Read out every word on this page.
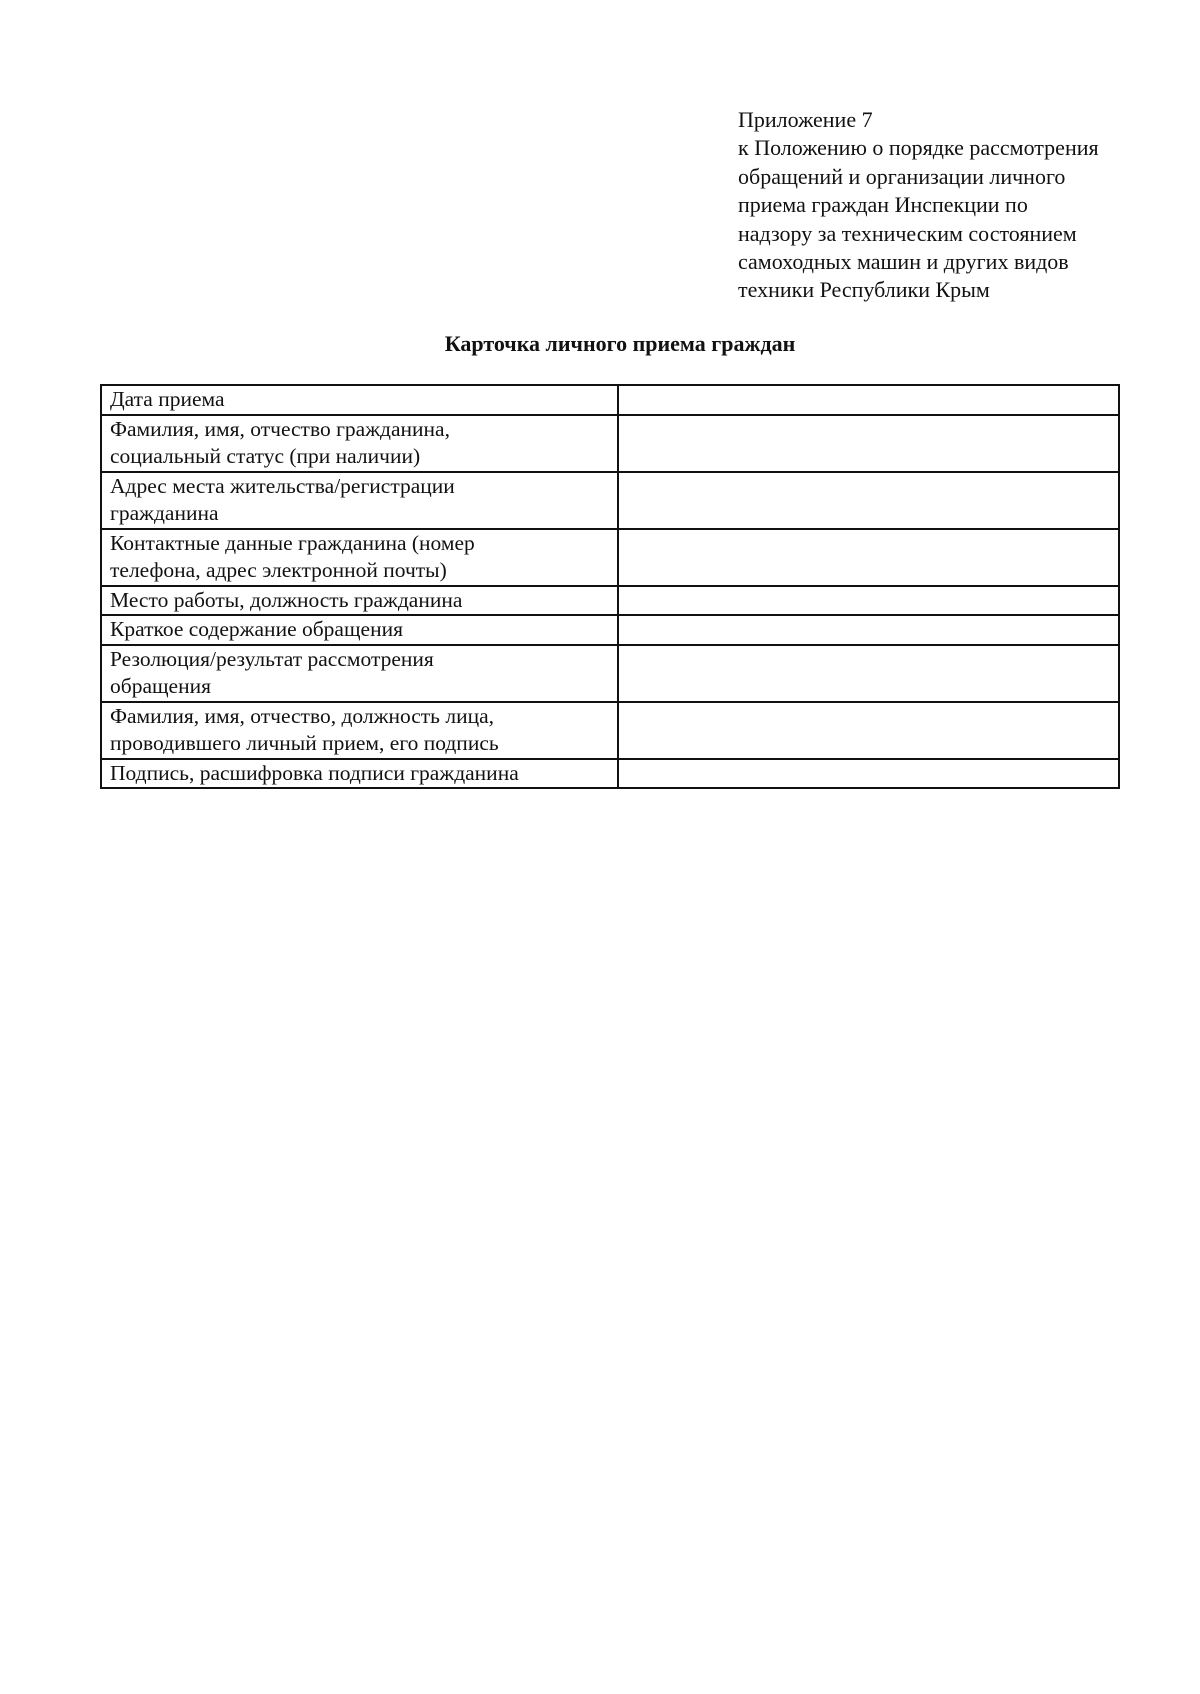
Приложение 7
к Положению о порядке рассмотрения
обращений и организации личного
приема граждан Инспекции по
надзору за техническим состоянием
самоходных машин и других видов
техники Республики Крым
Карточка личного приема граждан
Дата приема	

Фамилия, имя, отчество гражданина,
социальный статус (при наличии)	

Адрес места жительства/регистрации
гражданина	

Контактные данные гражданина (номер
телефона, адрес электронной почты)	

Место работы, должность гражданина	

Краткое содержание обращения	

Резолюция/результат рассмотрения
обращения	

Фамилия, имя, отчество, должность лица,
проводившего личный прием, его подпись	

Подпись, расшифровка подписи гражданина	
